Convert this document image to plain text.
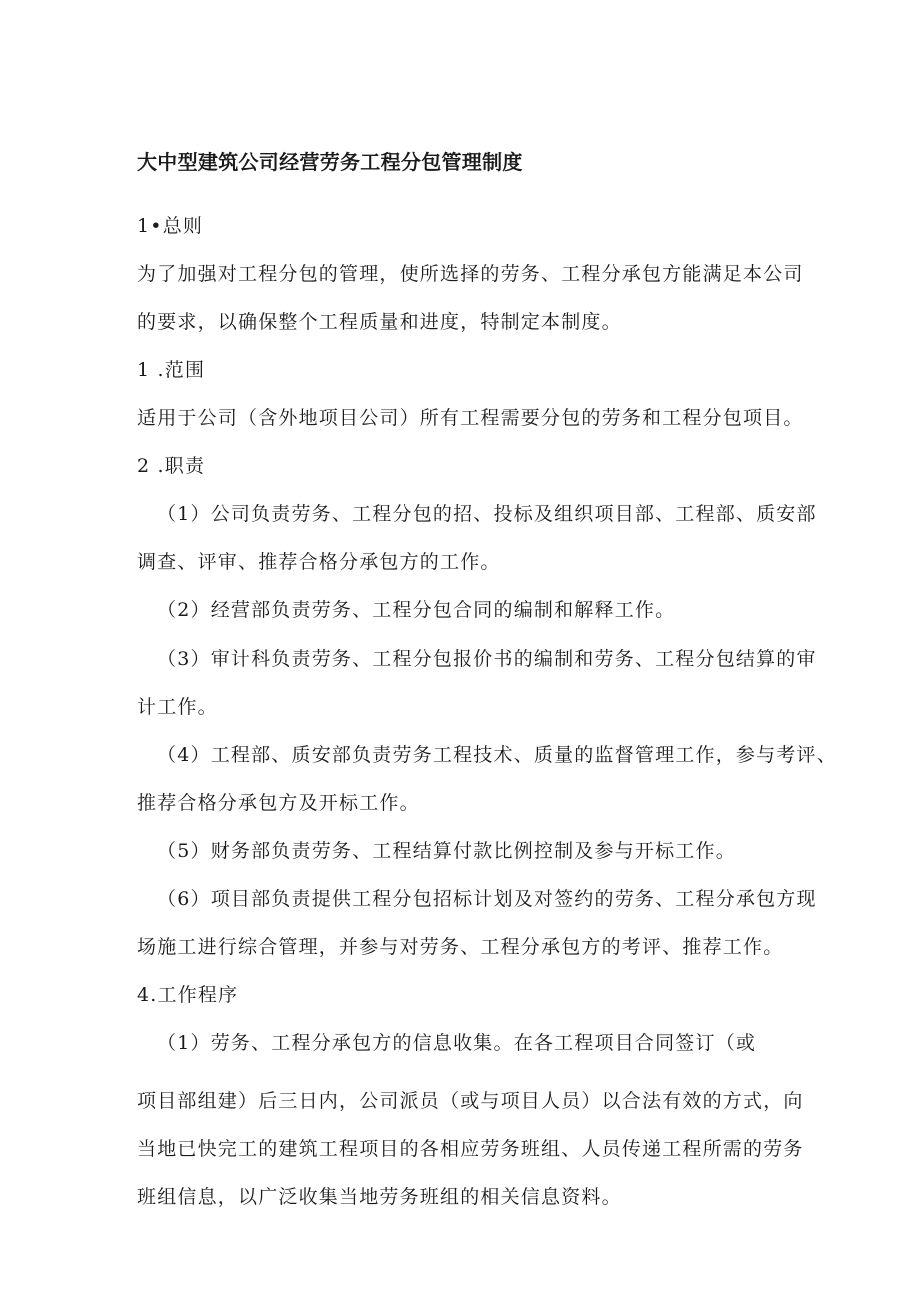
大中型建筑公司经营劳务工程分包管理制度
1•总则
为了加强对工程分包的管理，使所选择的劳务、工程分承包方能满足本公司
的要求，以确保整个工程质量和进度，特制定本制度。
1 .范围
适用于公司（含外地项目公司）所有工程需要分包的劳务和工程分包项目。
2 .职责
（1）公司负责劳务、工程分包的招、投标及组织项目部、工程部、质安部
调查、评审、推荐合格分承包方的工作。
（2）经营部负责劳务、工程分包合同的编制和解释工作。
（3）审计科负责劳务、工程分包报价书的编制和劳务、工程分包结算的审
计工作。
（4）工程部、质安部负责劳务工程技术、质量的监督管理工作，参与考评、
推荐合格分承包方及开标工作。
（5）财务部负责劳务、工程结算付款比例控制及参与开标工作。
（6）项目部负责提供工程分包招标计划及对签约的劳务、工程分承包方现
场施工进行综合管理，并参与对劳务、工程分承包方的考评、推荐工作。
4.工作程序
（1）劳务、工程分承包方的信息收集。在各工程项目合同签订（或
项目部组建）后三日内，公司派员（或与项目人员）以合法有效的方式，向
当地已快完工的建筑工程项目的各相应劳务班组、人员传递工程所需的劳务
班组信息，以广泛收集当地劳务班组的相关信息资料。
